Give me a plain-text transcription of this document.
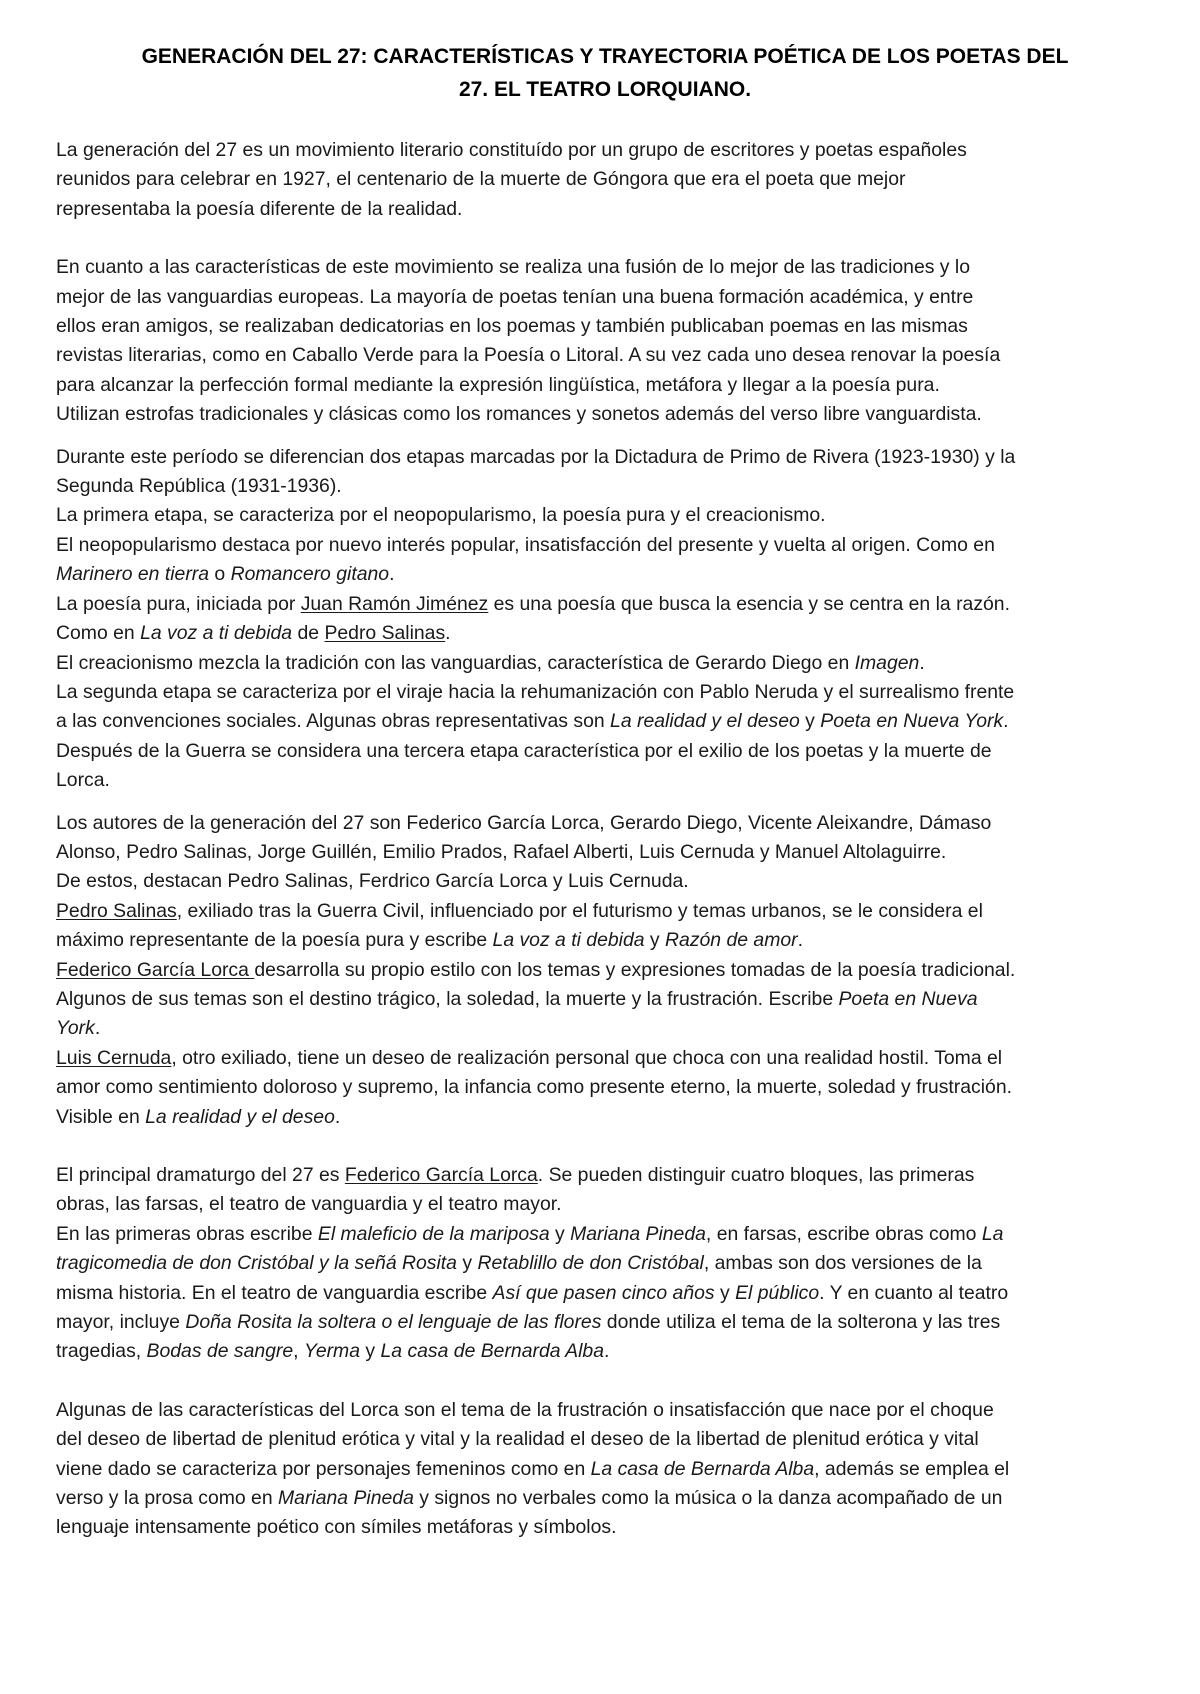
GENERACIÓN DEL 27: CARACTERÍSTICAS Y TRAYECTORIA POÉTICA DE LOS POETAS DEL
27. EL TEATRO LORQUIANO.

La generación del 27 es un movimiento literario constituído por un grupo de escritores y poetas españoles
reunidos para celebrar en 1927, el centenario de la muerte de Góngora que era el poeta que mejor
representaba la poesía diferente de la realidad.

En cuanto a las características de este movimiento se realiza una fusión de lo mejor de las tradiciones y lo
mejor de las vanguardias europeas. La mayoría de poetas tenían una buena formación académica, y entre
ellos eran amigos, se realizaban dedicatorias en los poemas y también publicaban poemas en las mismas
revistas literarias, como en Caballo Verde para la Poesía o Litoral. A su vez cada uno desea renovar la poesía
para alcanzar la perfección formal mediante la expresión lingüística, metáfora y llegar a la poesía pura.
Utilizan estrofas tradicionales y clásicas como los romances y sonetos además del verso libre vanguardista.

Durante este período se diferencian dos etapas marcadas por la Dictadura de Primo de Rivera (1923-1930) y la
Segunda República (1931-1936).
La primera etapa, se caracteriza por el neopopularismo, la poesía pura y el creacionismo.
El neopopularismo destaca por nuevo interés popular, insatisfacción del presente y vuelta al origen. Como en
Marinero en tierra o Romancero gitano.
La poesía pura, iniciada por Juan Ramón Jiménez es una poesía que busca la esencia y se centra en la razón.
Como en La voz a ti debida de Pedro Salinas.
El creacionismo mezcla la tradición con las vanguardias, característica de Gerardo Diego en Imagen.
La segunda etapa se caracteriza por el viraje hacia la rehumanización con Pablo Neruda y el surrealismo frente
a las convenciones sociales. Algunas obras representativas son La realidad y el deseo y Poeta en Nueva York.
Después de la Guerra se considera una tercera etapa característica por el exilio de los poetas y la muerte de
Lorca.

Los autores de la generación del 27 son Federico García Lorca, Gerardo Diego, Vicente Aleixandre, Dámaso
Alonso, Pedro Salinas, Jorge Guillén, Emilio Prados, Rafael Alberti, Luis Cernuda y Manuel Altolaguirre.
De estos, destacan Pedro Salinas, Ferdrico García Lorca y Luis Cernuda.
Pedro Salinas, exiliado tras la Guerra Civil, influenciado por el futurismo y temas urbanos, se le considera el
máximo representante de la poesía pura y escribe La voz a ti debida y Razón de amor.
Federico García Lorca desarrolla su propio estilo con los temas y expresiones tomadas de la poesía tradicional.
Algunos de sus temas son el destino trágico, la soledad, la muerte y la frustración. Escribe Poeta en Nueva
York.
Luis Cernuda, otro exiliado, tiene un deseo de realización personal que choca con una realidad hostil. Toma el
amor como sentimiento doloroso y supremo, la infancia como presente eterno, la muerte, soledad y frustración.
Visible en La realidad y el deseo.

El principal dramaturgo del 27 es Federico García Lorca. Se pueden distinguir cuatro bloques, las primeras
obras, las farsas, el teatro de vanguardia y el teatro mayor.
En las primeras obras escribe El maleficio de la mariposa y Mariana Pineda, en farsas, escribe obras como La
tragicomedia de don Cristóbal y la señá Rosita y Retablillo de don Cristóbal, ambas son dos versiones de la
misma historia. En el teatro de vanguardia escribe Así que pasen cinco años y El público. Y en cuanto al teatro
mayor, incluye Doña Rosita la soltera o el lenguaje de las flores donde utiliza el tema de la solterona y las tres
tragedias, Bodas de sangre, Yerma y La casa de Bernarda Alba.

Algunas de las características del Lorca son el tema de la frustración o insatisfacción que nace por el choque
del deseo de libertad de plenitud erótica y vital y la realidad el deseo de la libertad de plenitud erótica y vital
viene dado se caracteriza por personajes femeninos como en La casa de Bernarda Alba, además se emplea el
verso y la prosa como en Mariana Pineda y signos no verbales como la música o la danza acompañado de un
lenguaje intensamente poético con símiles metáforas y símbolos.
